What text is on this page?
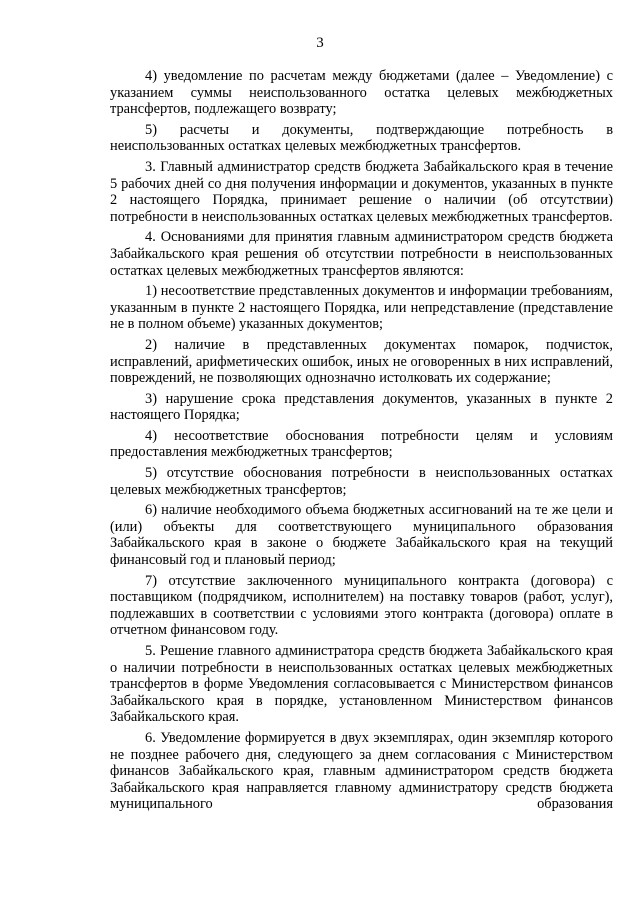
3

4) уведомление по расчетам между бюджетами (далее – Уведомление) с указанием суммы неиспользованного остатка целевых межбюджетных трансфертов, подлежащего возврату;

5) расчеты и документы, подтверждающие потребность в неиспользованных остатках целевых межбюджетных трансфертов.

3. Главный администратор средств бюджета Забайкальского края в течение 5 рабочих дней со дня получения информации и документов, указанных в пункте 2 настоящего Порядка, принимает решение о наличии (об отсутствии) потребности в неиспользованных остатках целевых межбюджетных трансфертов.

4. Основаниями для принятия главным администратором средств бюджета Забайкальского края решения об отсутствии потребности в неиспользованных остатках целевых межбюджетных трансфертов являются:

1) несоответствие представленных документов и информации требованиям, указанным в пункте 2 настоящего Порядка, или непредставление (представление не в полном объеме) указанных документов;

2) наличие в представленных документах помарок, подчисток, исправлений, арифметических ошибок, иных не оговоренных в них исправлений, повреждений, не позволяющих однозначно истолковать их содержание;

3) нарушение срока представления документов, указанных в пункте 2 настоящего Порядка;

4) несоответствие обоснования потребности целям и условиям предоставления межбюджетных трансфертов;

5) отсутствие обоснования потребности в неиспользованных остатках целевых межбюджетных трансфертов;

6) наличие необходимого объема бюджетных ассигнований на те же цели и (или) объекты для соответствующего муниципального образования Забайкальского края в законе о бюджете Забайкальского края на текущий финансовый год и плановый период;

7) отсутствие заключенного муниципального контракта (договора) с поставщиком (подрядчиком, исполнителем) на поставку товаров (работ, услуг), подлежавших в соответствии с условиями этого контракта (договора) оплате в отчетном финансовом году.

5. Решение главного администратора средств бюджета Забайкальского края о наличии потребности в неиспользованных остатках целевых межбюджетных трансфертов в форме Уведомления согласовывается с Министерством финансов Забайкальского края в порядке, установленном Министерством финансов Забайкальского края.

6. Уведомление формируется в двух экземплярах, один экземпляр которого не позднее рабочего дня, следующего за днем согласования с Министерством финансов Забайкальского края, главным администратором средств бюджета Забайкальского края направляется главному администратору средств бюджета муниципального образования
